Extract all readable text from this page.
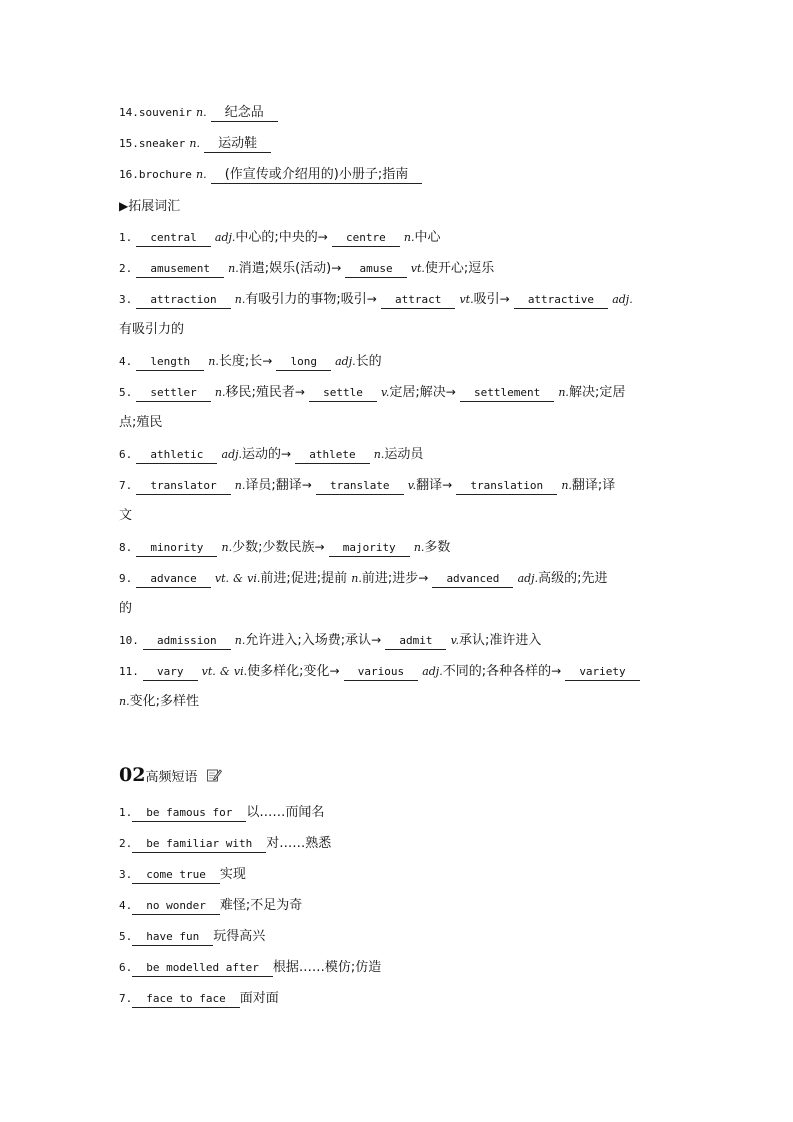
14.souvenir n. 纪念品
15.sneaker n. 运动鞋
16.brochure n. (作宣传或介绍用的)小册子;指南
▶拓展词汇
1. central adj.中心的;中央的→ centre n.中心
2. amusement n.消遣;娱乐(活动)→ amuse vt.使开心;逗乐
3. attraction n.有吸引力的事物;吸引→ attract vt.吸引→ attractive adj.
有吸引力的
4. length n.长度;长→ long adj.长的
5. settler n.移民;殖民者→ settle v.定居;解决→ settlement n.解决;定居
点;殖民
6. athletic adj.运动的→ athlete n.运动员
7. translator n.译员;翻译→ translate v.翻译→ translation n.翻译;译
文
8. minority n.少数;少数民族→ majority n.多数
9. advance vt. & vi.前进;促进;提前 n.前进;进步→ advanced adj.高级的;先进
的
10. admission n.允许进入;入场费;承认→ admit v.承认;准许进入
11. vary vt. & vi.使多样化;变化→ various adj.不同的;各种各样的→ variety
n.变化;多样性
02高频短语
1. be famous for 以……而闻名
2. be familiar with 对……熟悉
3. come true 实现
4. no wonder 难怪;不足为奇
5. have fun 玩得高兴
6. be modelled after 根据……模仿;仿造
7. face to face 面对面
